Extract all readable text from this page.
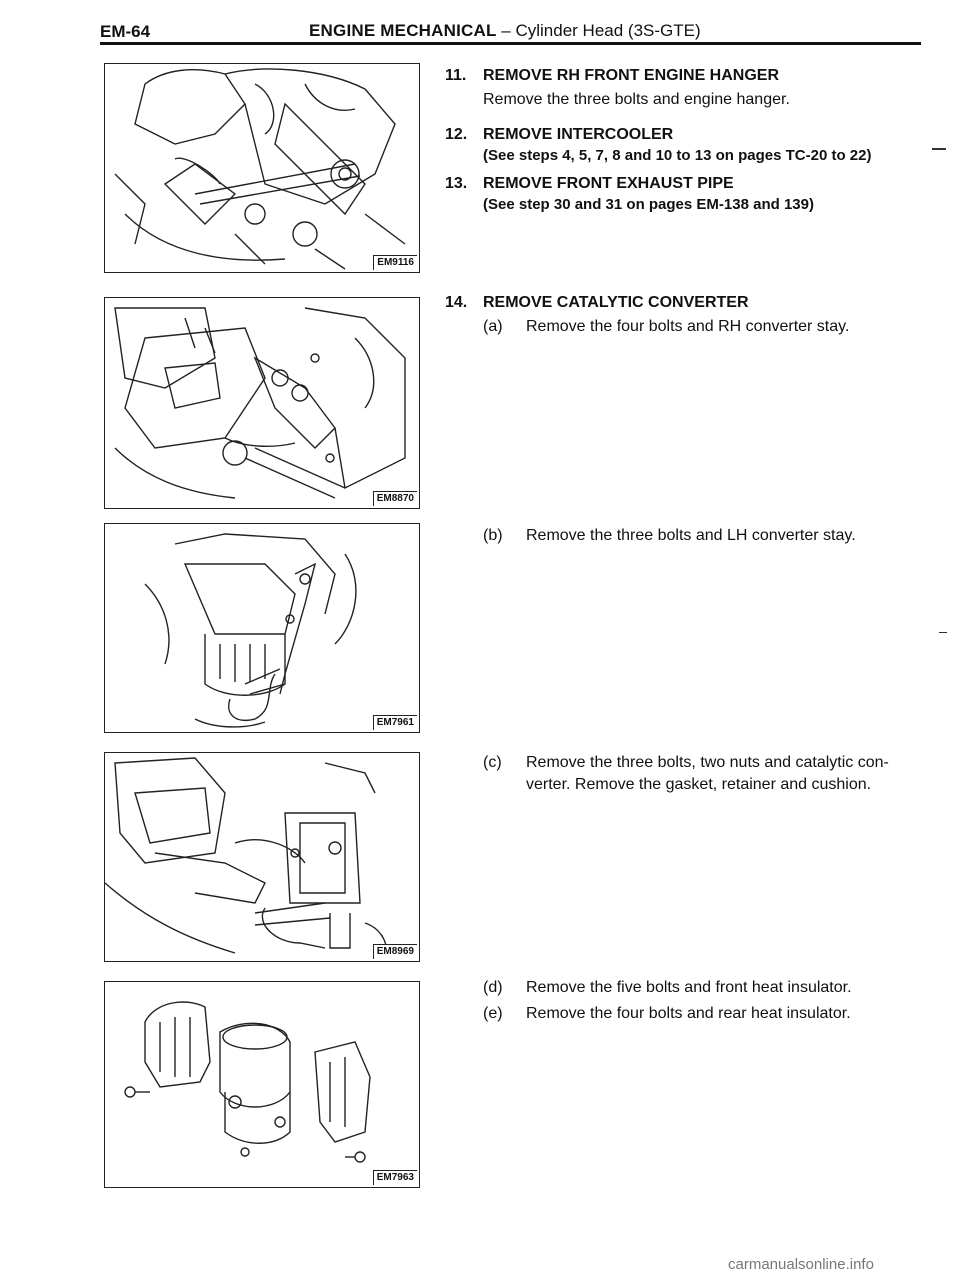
EM-64	ENGINE MECHANICAL – Cylinder Head (3S-GTE)
EM9116
EM8870
EM7961
EM8969
EM7963
11. REMOVE RH FRONT ENGINE HANGER
Remove the three bolts and engine hanger.
12. REMOVE INTERCOOLER
(See steps 4, 5, 7, 8 and 10 to 13 on pages TC-20 to 22)
13. REMOVE FRONT EXHAUST PIPE
(See step 30 and 31 on pages EM-138 and 139)
14. REMOVE CATALYTIC CONVERTER
(a) Remove the four bolts and RH converter stay.
(b) Remove the three bolts and LH converter stay.
(c) Remove the three bolts, two nuts and catalytic con-
verter. Remove the gasket, retainer and cushion.
(d) Remove the five bolts and front heat insulator.
(e) Remove the four bolts and rear heat insulator.
carmanualsonline.info
